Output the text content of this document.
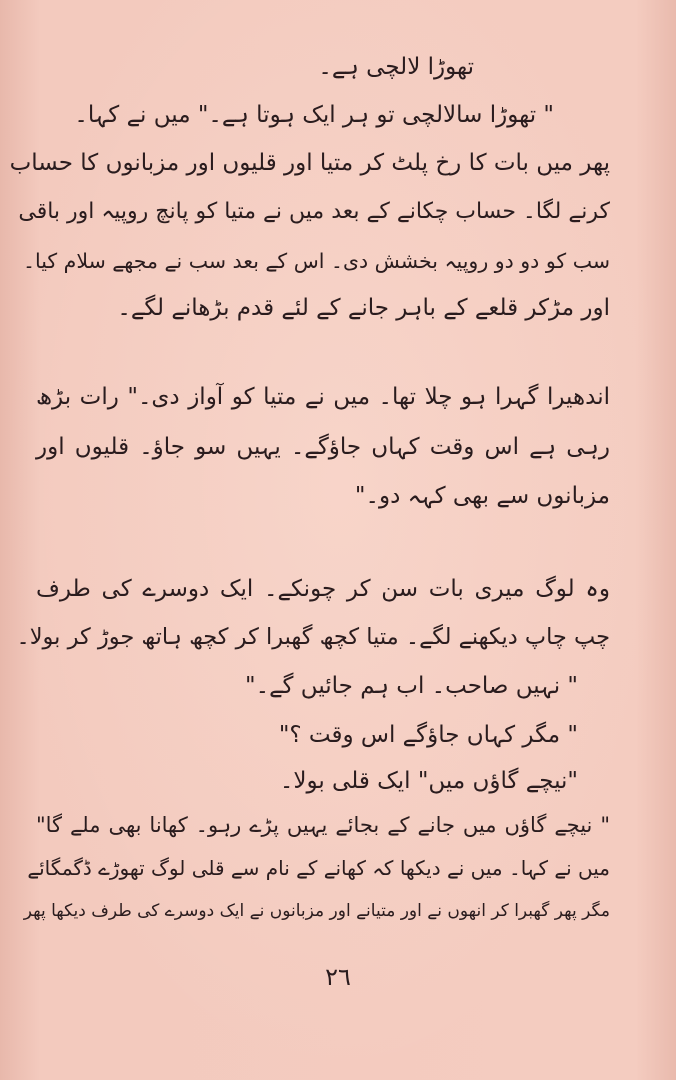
تھوڑا لالچی ہے۔
" تھوڑا سالالچی تو ہر ایک ہوتا ہے۔" میں نے کہا۔
پھر میں بات کا رخ پلٹ کر متیا اور قلیوں اور مزبانوں کا حساب
کرنے لگا۔ حساب چکانے کے بعد میں نے متیا کو پانچ روپیہ اور باقی
سب کو دو دو روپیہ بخشش دی۔ اس کے بعد سب نے مجھے سلام کیا۔
اور مڑکر قلعے کے باہر جانے کے لئے قدم بڑھانے لگے۔
اندھیرا گہرا ہو چلا تھا۔ میں نے متیا کو آواز دی۔" رات بڑھ
رہی ہے اس وقت کہاں جاؤگے۔ یہیں سو جاؤ۔ قلیوں اور
مزبانوں سے بھی کہہ دو۔"
وہ لوگ میری بات سن کر چونکے۔ ایک دوسرے کی طرف
چپ چاپ دیکھنے لگے۔ متیا کچھ گھبرا کر کچھ ہاتھ جوڑ کر بولا۔
" نہیں صاحب۔ اب ہم جائیں گے۔"
" مگر کہاں جاؤگے اس وقت ؟"
"نیچے گاؤں میں" ایک قلی بولا۔
" نیچے گاؤں میں جانے کے بجائے یہیں پڑے رہو۔ کھانا بھی ملے گا"
میں نے کہا۔ میں نے دیکھا کہ کھانے کے نام سے قلی لوگ تھوڑے ڈگمگائے
مگر پھر گھبرا کر انھوں نے اور متیانے اور مزبانوں نے ایک دوسرے کی طرف دیکھا پھر
۲٦
